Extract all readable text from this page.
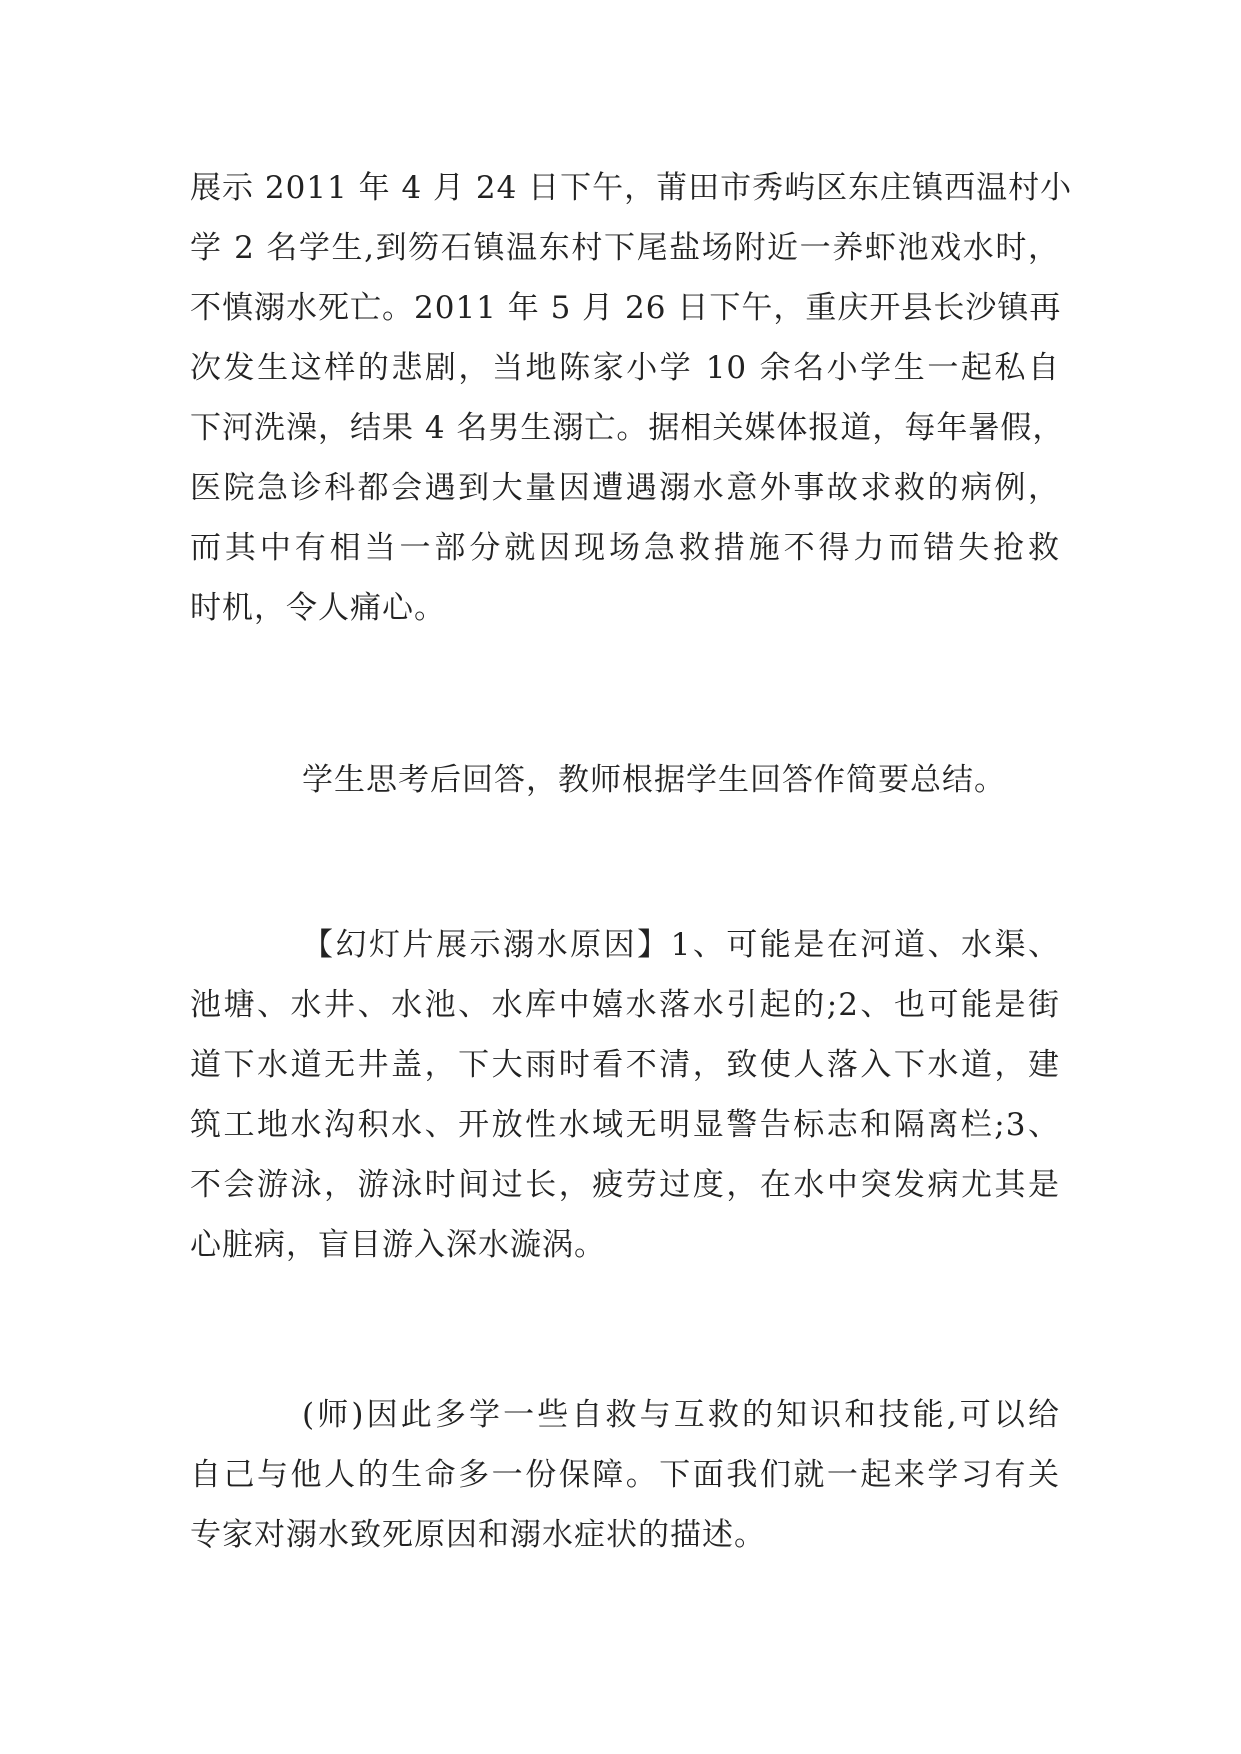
展示 2011 年 4 月 24 日下午，莆田市秀屿区东庄镇西温村小
学 2 名学生,到笏石镇温东村下尾盐场附近一养虾池戏水时，
不慎溺水死亡。2011 年 5 月 26 日下午，重庆开县长沙镇再
次发生这样的悲剧，当地陈家小学 10 余名小学生一起私自
下河洗澡，结果 4 名男生溺亡。据相关媒体报道，每年暑假，
医院急诊科都会遇到大量因遭遇溺水意外事故求救的病例，
而其中有相当一部分就因现场急救措施不得力而错失抢救
时机，令人痛心。
学生思考后回答，教师根据学生回答作简要总结。
【幻灯片展示溺水原因】1、可能是在河道、水渠、
池塘、水井、水池、水库中嬉水落水引起的;2、也可能是街
道下水道无井盖，下大雨时看不清，致使人落入下水道，建
筑工地水沟积水、开放性水域无明显警告标志和隔离栏;3、
不会游泳，游泳时间过长，疲劳过度，在水中突发病尤其是
心脏病，盲目游入深水漩涡。
(师)因此多学一些自救与互救的知识和技能,可以给
自己与他人的生命多一份保障。下面我们就一起来学习有关
专家对溺水致死原因和溺水症状的描述。
